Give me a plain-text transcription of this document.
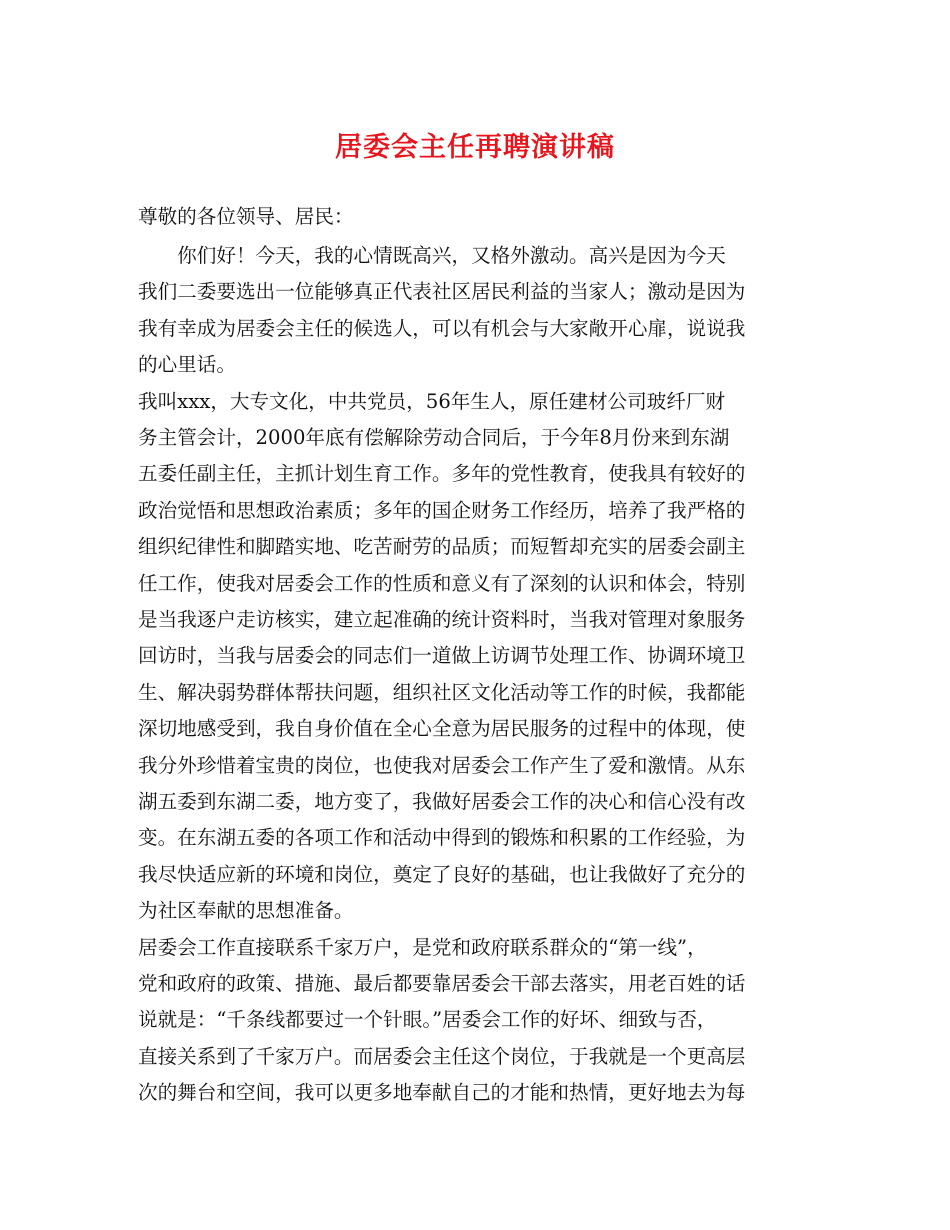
居委会主任再聘演讲稿
尊敬的各位领导、居民：
　　你们好！今天，我的心情既高兴，又格外激动。高兴是因为今天
我们二委要选出一位能够真正代表社区居民利益的当家人；激动是因为
我有幸成为居委会主任的候选人，可以有机会与大家敞开心扉，说说我
的心里话。
我叫xxx，大专文化，中共党员，56年生人，原任建材公司玻纤厂财
务主管会计，2000年底有偿解除劳动合同后，于今年8月份来到东湖
五委任副主任，主抓计划生育工作。多年的党性教育，使我具有较好的
政治觉悟和思想政治素质；多年的国企财务工作经历，培养了我严格的
组织纪律性和脚踏实地、吃苦耐劳的品质；而短暂却充实的居委会副主
任工作，使我对居委会工作的性质和意义有了深刻的认识和体会，特别
是当我逐户走访核实，建立起准确的统计资料时，当我对管理对象服务
回访时，当我与居委会的同志们一道做上访调节处理工作、协调环境卫
生、解决弱势群体帮扶问题，组织社区文化活动等工作的时候，我都能
深切地感受到，我自身价值在全心全意为居民服务的过程中的体现，使
我分外珍惜着宝贵的岗位，也使我对居委会工作产生了爱和激情。从东
湖五委到东湖二委，地方变了，我做好居委会工作的决心和信心没有改
变。在东湖五委的各项工作和活动中得到的锻炼和积累的工作经验，为
我尽快适应新的环境和岗位，奠定了良好的基础，也让我做好了充分的
为社区奉献的思想准备。
居委会工作直接联系千家万户，是党和政府联系群众的“第一线”，
党和政府的政策、措施、最后都要靠居委会干部去落实，用老百姓的话
说就是：“千条线都要过一个针眼。”居委会工作的好坏、细致与否，
直接关系到了千家万户。而居委会主任这个岗位，于我就是一个更高层
次的舞台和空间，我可以更多地奉献自己的才能和热情，更好地去为每
